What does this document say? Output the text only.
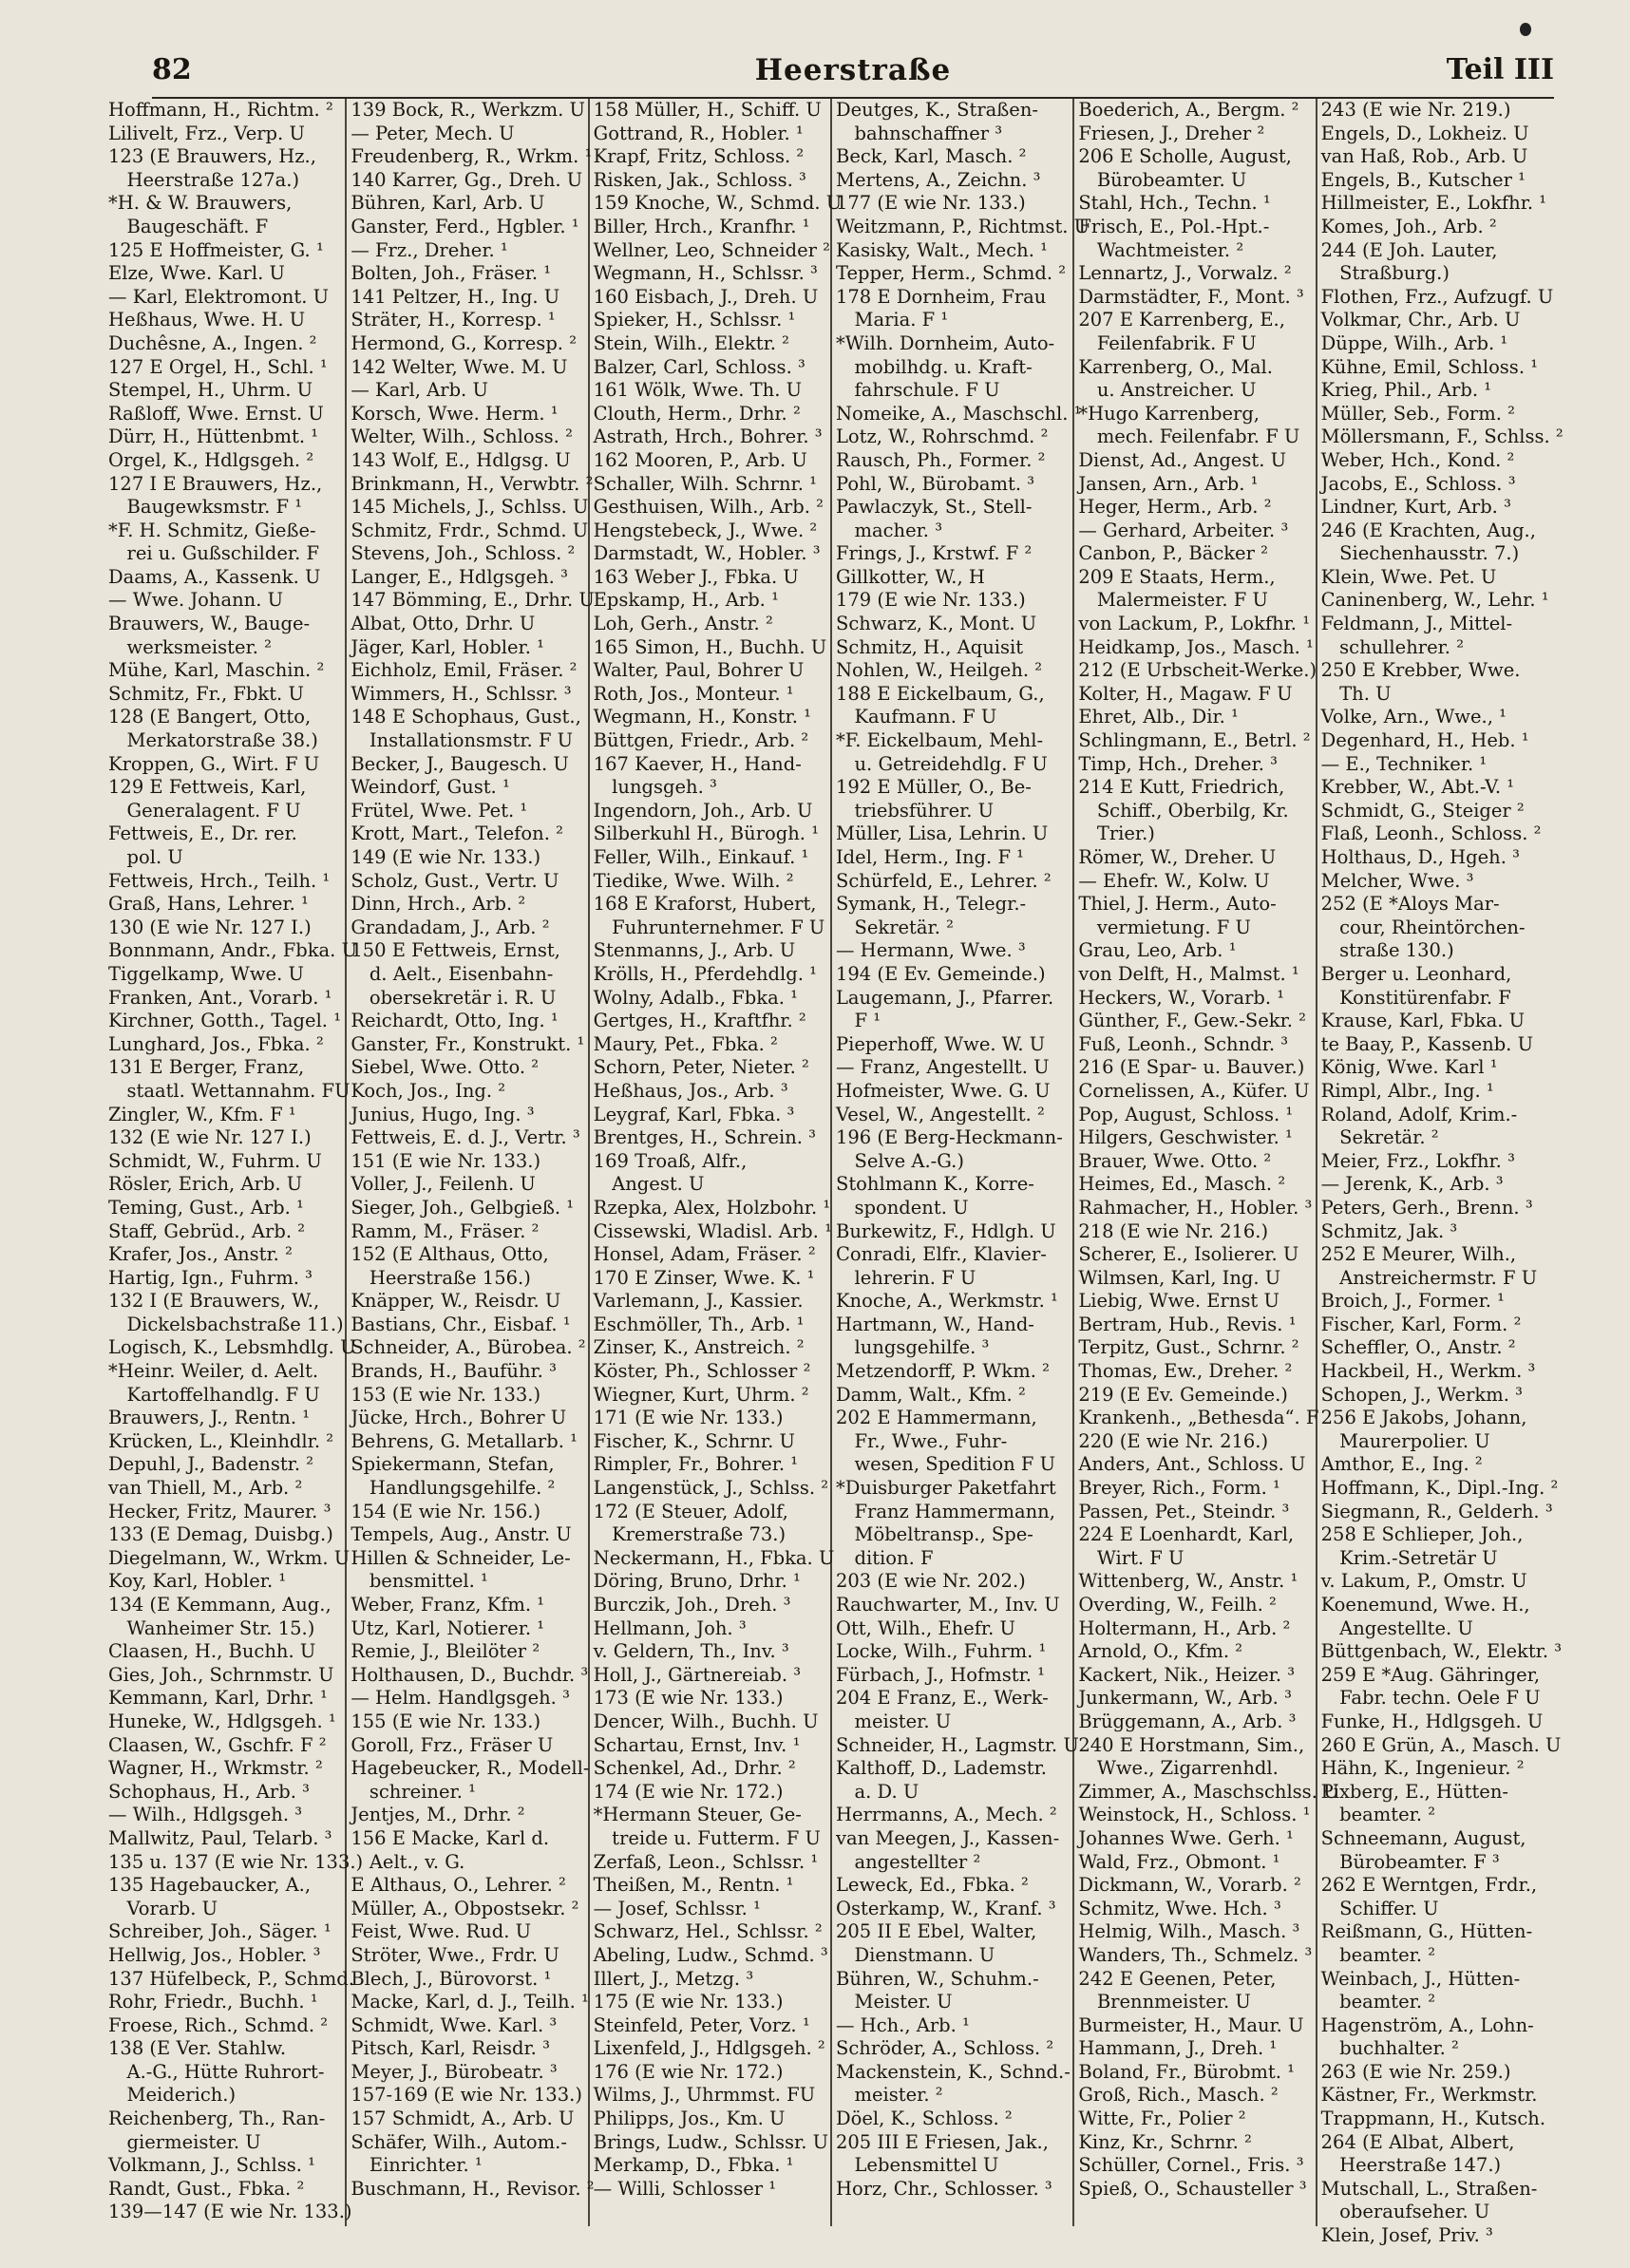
82	Heerstraße	Teil III
Hoffmann, H., Richtm. ²
Lilivelt, Frz., Verp. U
123 (E Brauwers, Hz.,
 Heerstraße 127a.)
*H. & W. Brauwers,
 Baugeschäft. F
125 E Hoffmeister, G. ¹
Elze, Wwe. Karl. U
— Karl, Elektromont. U
Heßhaus, Wwe. H. U
Duchêsne, A., Ingen. ²
127 E Orgel, H., Schl. ¹
Stempel, H., Uhrm. U
Raßloff, Wwe. Ernst. U
Dürr, H., Hüttenbmt. ¹
Orgel, K., Hdlgsgeh. ²
127 I E Brauwers, Hz.,
 Baugewksmstr. F ¹
*F. H. Schmitz, Gieße-
 rei u. Gußschilder. F
Daams, A., Kassenk. U
— Wwe. Johann. U
Brauwers, W., Bauge-
 werksmeister. ²
Mühe, Karl, Maschin. ²
Schmitz, Fr., Fbkt. U
128 (E Bangert, Otto,
 Merkatorstraße 38.)
Kroppen, G., Wirt. F U
129 E Fettweis, Karl,
 Generalagent. F U
Fettweis, E., Dr. rer.
 pol. U
Fettweis, Hrch., Teilh. ¹
Graß, Hans, Lehrer. ¹
130 (E wie Nr. 127 I.)
Bonnmann, Andr., Fbka. U
Tiggelkamp, Wwe. U
Franken, Ant., Vorarb. ¹
Kirchner, Gotth., Tagel. ¹
Lunghard, Jos., Fbka. ²
131 E Berger, Franz,
 staatl. Wettannahm. FU
Zingler, W., Kfm. F ¹
132 (E wie Nr. 127 I.)
Schmidt, W., Fuhrm. U
Rösler, Erich, Arb. U
Teming, Gust., Arb. ¹
Staff, Gebrüd., Arb. ²
Krafer, Jos., Anstr. ²
Hartig, Ign., Fuhrm. ³
132 I (E Brauwers, W.,
 Dickelsbachstraße 11.)
Logisch, K., Lebsmhdlg. U
*Heinr. Weiler, d. Aelt.
 Kartoffelhandlg. F U
Brauwers, J., Rentn. ¹
Krücken, L., Kleinhdlr. ²
Depuhl, J., Badenstr. ²
van Thiell, M., Arb. ²
Hecker, Fritz, Maurer. ³
133 (E Demag, Duisbg.)
Diegelmann, W., Wrkm. U
Koy, Karl, Hobler. ¹
134 (E Kemmann, Aug.,
 Wanheimer Str. 15.)
Claasen, H., Buchh. U
Gies, Joh., Schrnmstr. U
Kemmann, Karl, Drhr. ¹
Huneke, W., Hdlgsgeh. ¹
Claasen, W., Gschfr. F ²
Wagner, H., Wrkmstr. ²
Schophaus, H., Arb. ³
— Wilh., Hdlgsgeh. ³
Mallwitz, Paul, Telarb. ³
135 u. 137 (E wie Nr. 133.)
135 Hagebaucker, A.,
 Vorarb. U
Schreiber, Joh., Säger. ¹
Hellwig, Jos., Hobler. ³
137 Hüfelbeck, P., Schmd.
Rohr, Friedr., Buchh. ¹
Froese, Rich., Schmd. ²
138 (E Ver. Stahlw.
 A.-G., Hütte Ruhrort-
 Meiderich.)
Reichenberg, Th., Ran-
 giermeister. U
Volkmann, J., Schlss. ¹
Randt, Gust., Fbka. ²
139—147 (E wie Nr. 133.)
139 Bock, R., Werkzm. U
— Peter, Mech. U
Freudenberg, R., Wrkm. ¹
140 Karrer, Gg., Dreh. U
Bühren, Karl, Arb. U
Ganster, Ferd., Hgbler. ¹
— Frz., Dreher. ¹
Bolten, Joh., Fräser. ¹
141 Peltzer, H., Ing. U
Sträter, H., Korresp. ¹
Hermond, G., Korresp. ²
142 Welter, Wwe. M. U
— Karl, Arb. U
Korsch, Wwe. Herm. ¹
Welter, Wilh., Schloss. ²
143 Wolf, E., Hdlgsg. U
Brinkmann, H., Verwbtr. ²
145 Michels, J., Schlss. U
Schmitz, Frdr., Schmd. U
Stevens, Joh., Schloss. ²
Langer, E., Hdlgsgeh. ³
147 Bömming, E., Drhr. U
Albat, Otto, Drhr. U
Jäger, Karl, Hobler. ¹
Eichholz, Emil, Fräser. ²
Wimmers, H., Schlssr. ³
148 E Schophaus, Gust.,
 Installationsmstr. F U
Becker, J., Baugesch. U
Weindorf, Gust. ¹
Frütel, Wwe. Pet. ¹
Krott, Mart., Telefon. ²
149 (E wie Nr. 133.)
Scholz, Gust., Vertr. U
Dinn, Hrch., Arb. ²
Grandadam, J., Arb. ²
150 E Fettweis, Ernst,
 d. Aelt., Eisenbahn-
 obersekretär i. R. U
Reichardt, Otto, Ing. ¹
Ganster, Fr., Konstrukt. ¹
Siebel, Wwe. Otto. ²
Koch, Jos., Ing. ²
Junius, Hugo, Ing. ³
Fettweis, E. d. J., Vertr. ³
151 (E wie Nr. 133.)
Voller, J., Feilenh. U
Sieger, Joh., Gelbgieß. ¹
Ramm, M., Fräser. ²
152 (E Althaus, Otto,
 Heerstraße 156.)
Knäpper, W., Reisdr. U
Bastians, Chr., Eisbaf. ¹
Schneider, A., Bürobea. ²
Brands, H., Bauführ. ³
153 (E wie Nr. 133.)
Jücke, Hrch., Bohrer U
Behrens, G. Metallarb. ¹
Spiekermann, Stefan,
 Handlungsgehilfe. ²
154 (E wie Nr. 156.)
Tempels, Aug., Anstr. U
Hillen & Schneider, Le-
 bensmittel. ¹
Weber, Franz, Kfm. ¹
Utz, Karl, Notierer. ¹
Remie, J., Bleilöter ²
Holthausen, D., Buchdr. ³
— Helm. Handlgsgeh. ³
155 (E wie Nr. 133.)
Goroll, Frz., Fräser U
Hagebeucker, R., Modell-
 schreiner. ¹
Jentjes, M., Drhr. ²
156 E Macke, Karl d.
 Aelt., v. G.
E Althaus, O., Lehrer. ²
Müller, A., Obpostsekr. ²
Feist, Wwe. Rud. U
Ströter, Wwe., Frdr. U
Blech, J., Bürovorst. ¹
Macke, Karl, d. J., Teilh. ¹
Schmidt, Wwe. Karl. ³
Pitsch, Karl, Reisdr. ³
Meyer, J., Bürobeatr. ³
157-169 (E wie Nr. 133.)
157 Schmidt, A., Arb. U
Schäfer, Wilh., Autom.-
 Einrichter. ¹
Buschmann, H., Revisor. ²
158 Müller, H., Schiff. U
Gottrand, R., Hobler. ¹
Krapf, Fritz, Schloss. ²
Risken, Jak., Schloss. ³
159 Knoche, W., Schmd. U
Biller, Hrch., Kranfhr. ¹
Wellner, Leo, Schneider ²
Wegmann, H., Schlssr. ³
160 Eisbach, J., Dreh. U
Spieker, H., Schlssr. ¹
Stein, Wilh., Elektr. ²
Balzer, Carl, Schloss. ³
161 Wölk, Wwe. Th. U
Clouth, Herm., Drhr. ²
Astrath, Hrch., Bohrer. ³
162 Mooren, P., Arb. U
Schaller, Wilh. Schrnr. ¹
Gesthuisen, Wilh., Arb. ²
Hengstebeck, J., Wwe. ²
Darmstadt, W., Hobler. ³
163 Weber J., Fbka. U
Epskamp, H., Arb. ¹
Loh, Gerh., Anstr. ²
165 Simon, H., Buchh. U
Walter, Paul, Bohrer U
Roth, Jos., Monteur. ¹
Wegmann, H., Konstr. ¹
Büttgen, Friedr., Arb. ²
167 Kaever, H., Hand-
 lungsgeh. ³
Ingendorn, Joh., Arb. U
Silberkuhl H., Bürogh. ¹
Feller, Wilh., Einkauf. ¹
Tiedike, Wwe. Wilh. ²
168 E Kraforst, Hubert,
 Fuhrunternehmer. F U
Stenmanns, J., Arb. U
Krölls, H., Pferdehdlg. ¹
Wolny, Adalb., Fbka. ¹
Gertges, H., Kraftfhr. ²
Maury, Pet., Fbka. ²
Schorn, Peter, Nieter. ²
Heßhaus, Jos., Arb. ³
Leygraf, Karl, Fbka. ³
Brentges, H., Schrein. ³
169 Troaß, Alfr.,
 Angest. U
Rzepka, Alex, Holzbohr. ¹
Cissewski, Wladisl. Arb. ¹
Honsel, Adam, Fräser. ²
170 E Zinser, Wwe. K. ¹
Varlemann, J., Kassier.
Eschmöller, Th., Arb. ¹
Zinser, K., Anstreich. ²
Köster, Ph., Schlosser ²
Wiegner, Kurt, Uhrm. ²
171 (E wie Nr. 133.)
Fischer, K., Schrnr. U
Rimpler, Fr., Bohrer. ¹
Langenstück, J., Schlss. ²
172 (E Steuer, Adolf,
 Kremerstraße 73.)
Neckermann, H., Fbka. U
Döring, Bruno, Drhr. ¹
Burczik, Joh., Dreh. ³
Hellmann, Joh. ³
v. Geldern, Th., Inv. ³
Holl, J., Gärtnereiab. ³
173 (E wie Nr. 133.)
Dencer, Wilh., Buchh. U
Schartau, Ernst, Inv. ¹
Schenkel, Ad., Drhr. ²
174 (E wie Nr. 172.)
*Hermann Steuer, Ge-
 treide u. Futterm. F U
Zerfaß, Leon., Schlssr. ¹
Theißen, M., Rentn. ¹
— Josef, Schlssr. ¹
Schwarz, Hel., Schlssr. ²
Abeling, Ludw., Schmd. ³
Illert, J., Metzg. ³
175 (E wie Nr. 133.)
Steinfeld, Peter, Vorz. ¹
Lixenfeld, J., Hdlgsgeh. ²
176 (E wie Nr. 172.)
Wilms, J., Uhrmmst. FU
Philipps, Jos., Km. U
Brings, Ludw., Schlssr. U
Merkamp, D., Fbka. ¹
— Willi, Schlosser ¹
Deutges, K., Straßen-
 bahnschaffner ³
Beck, Karl, Masch. ²
Mertens, A., Zeichn. ³
177 (E wie Nr. 133.)
Weitzmann, P., Richtmst. U
Kasisky, Walt., Mech. ¹
Tepper, Herm., Schmd. ²
178 E Dornheim, Frau
 Maria. F ¹
*Wilh. Dornheim, Auto-
 mobilhdg. u. Kraft-
 fahrschule. F U
Nomeike, A., Maschschl. ¹
Lotz, W., Rohrschmd. ²
Rausch, Ph., Former. ²
Pohl, W., Bürobamt. ³
Pawlaczyk, St., Stell-
 macher. ³
Frings, J., Krstwf. F ²
Gillkotter, W., H
179 (E wie Nr. 133.)
Schwarz, K., Mont. U
Schmitz, H., Aquisit
Nohlen, W., Heilgeh. ²
188 E Eickelbaum, G.,
 Kaufmann. F U
*F. Eickelbaum, Mehl-
 u. Getreidehdlg. F U
192 E Müller, O., Be-
 triebsführer. U
Müller, Lisa, Lehrin. U
Idel, Herm., Ing. F ¹
Schürfeld, E., Lehrer. ²
Symank, H., Telegr.-
 Sekretär. ²
— Hermann, Wwe. ³
194 (E Ev. Gemeinde.)
Laugemann, J., Pfarrer.
 F ¹
Pieperhoff, Wwe. W. U
— Franz, Angestellt. U
Hofmeister, Wwe. G. U
Vesel, W., Angestellt. ²
196 (E Berg-Heckmann-
 Selve A.-G.)
Stohlmann K., Korre-
 spondent. U
Burkewitz, F., Hdlgh. U
Conradi, Elfr., Klavier-
 lehrerin. F U
Knoche, A., Werkmstr. ¹
Hartmann, W., Hand-
 lungsgehilfe. ³
Metzendorff, P. Wkm. ²
Damm, Walt., Kfm. ²
202 E Hammermann,
 Fr., Wwe., Fuhr-
 wesen, Spedition F U
*Duisburger Paketfahrt
 Franz Hammermann,
 Möbeltransp., Spe-
 dition. F
203 (E wie Nr. 202.)
Rauchwarter, M., Inv. U
Ott, Wilh., Ehefr. U
Locke, Wilh., Fuhrm. ¹
Fürbach, J., Hofmstr. ¹
204 E Franz, E., Werk-
 meister. U
Schneider, H., Lagmstr. U
Kalthoff, D., Lademstr.
 a. D. U
Herrmanns, A., Mech. ²
van Meegen, J., Kassen-
 angestellter ²
Leweck, Ed., Fbka. ²
Osterkamp, W., Kranf. ³
205 II E Ebel, Walter,
 Dienstmann. U
Bühren, W., Schuhm.-
 Meister. U
— Hch., Arb. ¹
Schröder, A., Schloss. ²
Mackenstein, K., Schnd.-
 meister. ²
Döel, K., Schloss. ²
205 III E Friesen, Jak.,
 Lebensmittel U
Horz, Chr., Schlosser. ³
Boederich, A., Bergm. ²
Friesen, J., Dreher ²
206 E Scholle, August,
 Bürobeamter. U
Stahl, Hch., Techn. ¹
Frisch, E., Pol.-Hpt.-
 Wachtmeister. ²
Lennartz, J., Vorwalz. ²
Darmstädter, F., Mont. ³
207 E Karrenberg, E.,
 Feilenfabrik. F U
Karrenberg, O., Mal.
 u. Anstreicher. U
*Hugo Karrenberg,
 mech. Feilenfabr. F U
Dienst, Ad., Angest. U
Jansen, Arn., Arb. ¹
Heger, Herm., Arb. ²
— Gerhard, Arbeiter. ³
Canbon, P., Bäcker ²
209 E Staats, Herm.,
 Malermeister. F U
von Lackum, P., Lokfhr. ¹
Heidkamp, Jos., Masch. ¹
212 (E Urbscheit-Werke.)
Kolter, H., Magaw. F U
Ehret, Alb., Dir. ¹
Schlingmann, E., Betrl. ²
Timp, Hch., Dreher. ³
214 E Kutt, Friedrich,
 Schiff., Oberbilg, Kr.
 Trier.)
Römer, W., Dreher. U
— Ehefr. W., Kolw. U
Thiel, J. Herm., Auto-
 vermietung. F U
Grau, Leo, Arb. ¹
von Delft, H., Malmst. ¹
Heckers, W., Vorarb. ¹
Günther, F., Gew.-Sekr. ²
Fuß, Leonh., Schndr. ³
216 (E Spar- u. Bauver.)
Cornelissen, A., Küfer. U
Pop, August, Schloss. ¹
Hilgers, Geschwister. ¹
Brauer, Wwe. Otto. ²
Heimes, Ed., Masch. ²
Rahmacher, H., Hobler. ³
218 (E wie Nr. 216.)
Scherer, E., Isolierer. U
Wilmsen, Karl, Ing. U
Liebig, Wwe. Ernst U
Bertram, Hub., Revis. ¹
Terpitz, Gust., Schrnr. ²
Thomas, Ew., Dreher. ²
219 (E Ev. Gemeinde.)
Krankenh., „Bethesda“. F
220 (E wie Nr. 216.)
Anders, Ant., Schloss. U
Breyer, Rich., Form. ¹
Passen, Pet., Steindr. ³
224 E Loenhardt, Karl,
 Wirt. F U
Wittenberg, W., Anstr. ¹
Overding, W., Feilh. ²
Holtermann, H., Arb. ²
Arnold, O., Kfm. ²
Kackert, Nik., Heizer. ³
Junkermann, W., Arb. ³
Brüggemann, A., Arb. ³
240 E Horstmann, Sim.,
 Wwe., Zigarrenhdl.
Zimmer, A., Maschschlss. U
Weinstock, H., Schloss. ¹
Johannes Wwe. Gerh. ¹
Wald, Frz., Obmont. ¹
Dickmann, W., Vorarb. ²
Schmitz, Wwe. Hch. ³
Helmig, Wilh., Masch. ³
Wanders, Th., Schmelz. ³
242 E Geenen, Peter,
 Brennmeister. U
Burmeister, H., Maur. U
Hammann, J., Dreh. ¹
Boland, Fr., Bürobmt. ¹
Groß, Rich., Masch. ²
Witte, Fr., Polier ²
Kinz, Kr., Schrnr. ²
Schüller, Cornel., Fris. ³
Spieß, O., Schausteller ³
243 (E wie Nr. 219.)
Engels, D., Lokheiz. U
van Haß, Rob., Arb. U
Engels, B., Kutscher ¹
Hillmeister, E., Lokfhr. ¹
Komes, Joh., Arb. ²
244 (E Joh. Lauter,
 Straßburg.)
Flothen, Frz., Aufzugf. U
Volkmar, Chr., Arb. U
Düppe, Wilh., Arb. ¹
Kühne, Emil, Schloss. ¹
Krieg, Phil., Arb. ¹
Müller, Seb., Form. ²
Möllersmann, F., Schlss. ²
Weber, Hch., Kond. ²
Jacobs, E., Schloss. ³
Lindner, Kurt, Arb. ³
246 (E Krachten, Aug.,
 Siechenhausstr. 7.)
Klein, Wwe. Pet. U
Caninenberg, W., Lehr. ¹
Feldmann, J., Mittel-
 schullehrer. ²
250 E Krebber, Wwe.
 Th. U
Volke, Arn., Wwe., ¹
Degenhard, H., Heb. ¹
— E., Techniker. ¹
Krebber, W., Abt.-V. ¹
Schmidt, G., Steiger ²
Flaß, Leonh., Schloss. ²
Holthaus, D., Hgeh. ³
Melcher, Wwe. ³
252 (E *Aloys Mar-
 cour, Rheintörchen-
 straße 130.)
Berger u. Leonhard,
 Konstitürenfabr. F
Krause, Karl, Fbka. U
te Baay, P., Kassenb. U
König, Wwe. Karl ¹
Rimpl, Albr., Ing. ¹
Roland, Adolf, Krim.-
 Sekretär. ²
Meier, Frz., Lokfhr. ³
— Jerenk, K., Arb. ³
Peters, Gerh., Brenn. ³
Schmitz, Jak. ³
252 E Meurer, Wilh.,
 Anstreichermstr. F U
Broich, J., Former. ¹
Fischer, Karl, Form. ²
Scheffler, O., Anstr. ²
Hackbeil, H., Werkm. ³
Schopen, J., Werkm. ³
256 E Jakobs, Johann,
 Maurerpolier. U
Amthor, E., Ing. ²
Hoffmann, K., Dipl.-Ing. ²
Siegmann, R., Gelderh. ³
258 E Schlieper, Joh.,
 Krim.-Setretär U
v. Lakum, P., Omstr. U
Koenemund, Wwe. H.,
 Angestellte. U
Büttgenbach, W., Elektr. ³
259 E *Aug. Gähringer,
 Fabr. techn. Oele F U
Funke, H., Hdlgsgeh. U
260 E Grün, A., Masch. U
Hähn, K., Ingenieur. ²
Pixberg, E., Hütten-
 beamter. ²
Schneemann, August,
 Bürobeamter. F ³
262 E Werntgen, Frdr.,
 Schiffer. U
Reißmann, G., Hütten-
 beamter. ²
Weinbach, J., Hütten-
 beamter. ²
Hagenström, A., Lohn-
 buchhalter. ²
263 (E wie Nr. 259.)
Kästner, Fr., Werkmstr.
Trappmann, H., Kutsch.
264 (E Albat, Albert,
 Heerstraße 147.)
Mutschall, L., Straßen-
 oberaufseher. U
Klein, Josef, Priv. ³
